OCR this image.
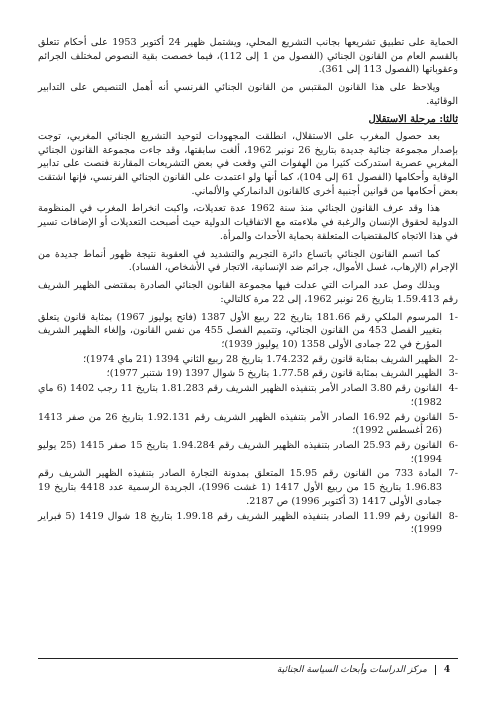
الحماية على تطبيق تشريعها بجانب التشريع المحلي، ويشتمل ظهير 24 أكتوبر 1953 على أحكام تتعلق بالقسم العام من القانون الجنائي (الفصول من 1 إلى 112)، فيما خصصت بقية النصوص لمختلف الجرائم وعقوباتها (الفصول 113 إلى 361).

ويلاحظ على هذا القانون المقتبس من القانون الجنائي الفرنسي أنه أهمل التنصيص على التدابير الوقائية.

ثالثا: مرحلة الاستقلال

بعد حصول المغرب على الاستقلال، انطلقت المجهودات لتوحيد التشريع الجنائي المغربي، توجت بإصدار مجموعة جنائية جديدة بتاريخ 26 نونبر 1962، ألغت سابقتها، وقد جاءت مجموعة القانون الجنائي المغربي عصرية استدركت كثيرا من الهفوات التي وقعت في بعض التشريعات المقارنة فنصت على تدابير الوقاية وأحكامها (الفصول 61 إلى 104)، كما أنها ولو اعتمدت على القانون الجنائي الفرنسي، فإنها اشتقت بعض أحكامها من قوانين أجنبية أخرى كالقانون الدانماركي والألماني.

هذا وقد عرف القانون الجنائي منذ سنة 1962 عدة تعديلات، واكبت انخراط المغرب في المنظومة الدولية لحقوق الإنسان والرغبة في ملاءمته مع الاتفاقيات الدولية حيث أصبحت التعديلات أو الإضافات تسير في هذا الاتجاه كالمقتضيات المتعلقة بحماية الأحداث والمرأة.

كما اتسم القانون الجنائي باتساع دائرة التجريم والتشديد في العقوبة نتيجة ظهور أنماط جديدة من الإجرام (الإرهاب، غسل الأموال، جرائم ضد الإنسانية، الاتجار في الأشخاص، الفساد).

وبذلك وصل عدد المرات التي عدلت فيها مجموعة القانون الجنائي الصادرة بمقتضى الظهير الشريف رقم 1.59.413 بتاريخ 26 نونبر 1962، إلى 22 مرة كالتالي:

-1
المرسوم الملكي رقم 181.66 بتاريخ 22 ربيع الأول 1387 (فاتح يوليوز 1967) بمثابة قانون يتعلق بتغيير الفصل 453 من القانون الجنائي، وتتميم الفصل 455 من نفس القانون، وإلغاء الظهير الشريف المؤرخ في 22 جمادى الأولى 1358 (10 يوليوز 1939)؛
-2
الظهير الشريف بمثابة قانون رقم 1.74.232 بتاريخ 28 ربيع الثاني 1394 (21 ماي 1974)؛
-3
الظهير الشريف بمثابة قانون رقم 1.77.58 بتاريخ 5 شوال 1397 (19 شتنبر 1977)؛
-4
القانون رقم 3.80 الصادر الأمر بتنفيذه الظهير الشريف رقم 1.81.283 بتاريخ 11 رجب 1402 (6 ماي 1982)؛
-5
القانون رقم 16.92 الصادر الأمر بتنفيذه الظهير الشريف رقم 1.92.131 بتاريخ 26 من صفر 1413 (26 أغسطس 1992)؛
-6
القانون رقم 25.93 الصادر بتنفيذه الظهير الشريف رقم 1.94.284 بتاريخ 15 صفر 1415 (25 يوليو 1994)؛
-7
المادة 733 من القانون رقم 15.95 المتعلق بمدونة التجارة الصادر بتنفيذه الظهير الشريف رقم 1.96.83 بتاريخ 15 من ربيع الأول 1417 (1 غشت 1996)، الجريدة الرسمية عدد 4418 بتاريخ 19 جمادى الأولى 1417 (3 أكتوبر 1996) ص 2187.
-8
القانون رقم 11.99 الصادر بتنفيذه الظهير الشريف رقم 1.99.18 بتاريخ 18 شوال 1419 (5 فبراير 1999)؛
4
مركز الدراسات وأبحاث السياسة الجنائية
